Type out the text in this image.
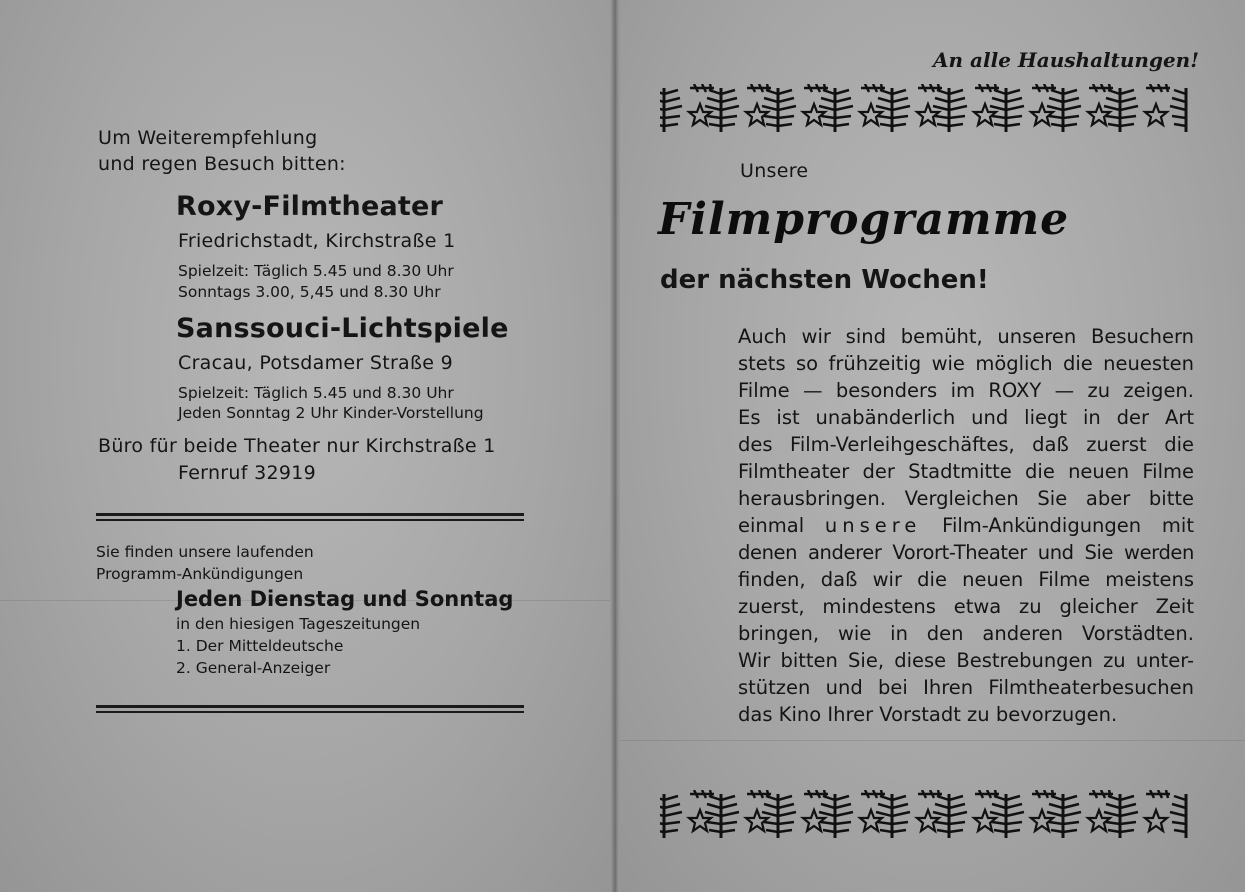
Um Weiterempfehlung
und regen Besuch bitten:
Roxy-Filmtheater
Friedrichstadt, Kirchstraße 1
Spielzeit: Täglich 5.45 und 8.30 Uhr
Sonntags 3.00, 5,45 und 8.30 Uhr
Sanssouci-Lichtspiele
Cracau, Potsdamer Straße 9
Spielzeit: Täglich 5.45 und 8.30 Uhr
Jeden Sonntag 2 Uhr Kinder-Vorstellung
Büro für beide Theater nur Kirchstraße 1
Fernruf 32919
Sie finden unsere laufenden
Programm-Ankündigungen
Jeden Dienstag und Sonntag
in den hiesigen Tageszeitungen
1. Der Mitteldeutsche
2. General-Anzeiger
An alle Haushaltungen!
Unsere
Filmprogramme
der nächsten Wochen!
Auch wir sind bemüht, unseren Besuchern
stets so frühzeitig wie möglich die neuesten
Filme — besonders im ROXY — zu zeigen.
Es ist unabänderlich und liegt in der Art
des Film-Verleihgeschäftes, daß zuerst die
Filmtheater der Stadtmitte die neuen Filme
herausbringen. Vergleichen Sie aber bitte
einmal unsere Film-Ankündigungen mit
denen anderer Vorort-Theater und Sie werden
finden, daß wir die neuen Filme meistens
zuerst, mindestens etwa zu gleicher Zeit
bringen, wie in den anderen Vorstädten.
Wir bitten Sie, diese Bestrebungen zu unter-
stützen und bei Ihren Filmtheaterbesuchen
das Kino Ihrer Vorstadt zu bevorzugen.
